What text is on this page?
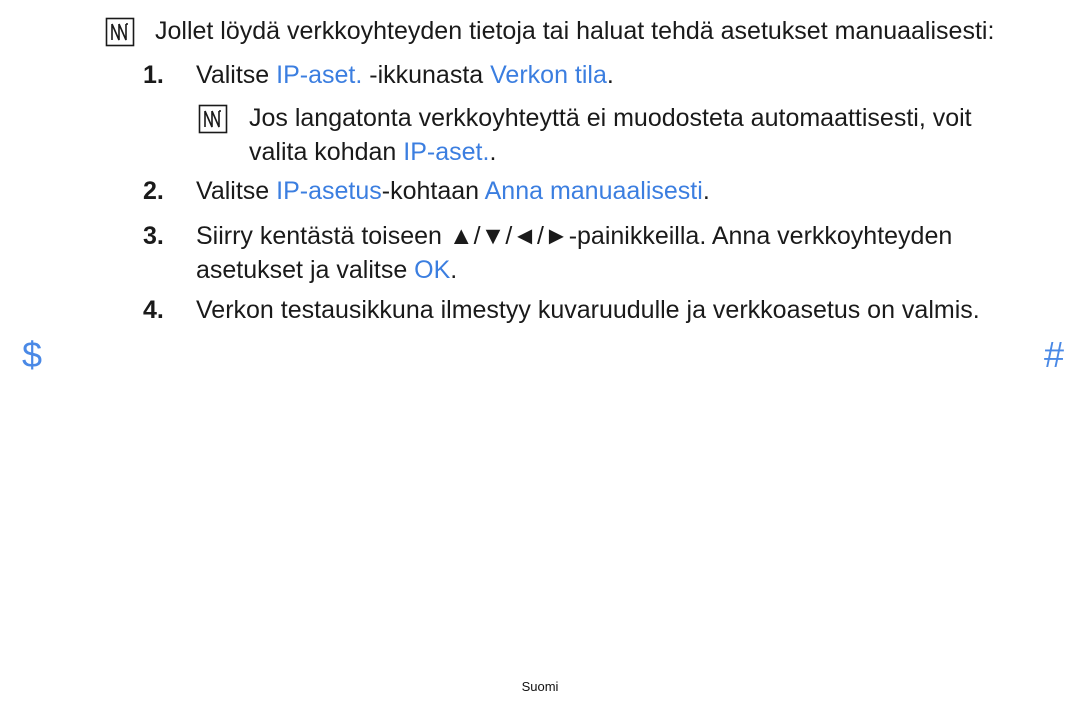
Jollet löydä verkkoyhteyden tietoja tai haluat tehdä asetukset manuaalisesti:
1. Valitse IP-aset. -ikkunasta Verkon tila.
Jos langatonta verkkoyhteyttä ei muodosteta automaattisesti, voit
valita kohdan IP-aset..
2. Valitse IP-asetus-kohtaan Anna manuaalisesti.
3. Siirry kentästä toiseen ▲/▼/◄/►-painikkeilla. Anna verkkoyhteyden
asetukset ja valitse OK.
4. Verkon testausikkuna ilmestyy kuvaruudulle ja verkkoasetus on valmis.
$	#
Suomi
